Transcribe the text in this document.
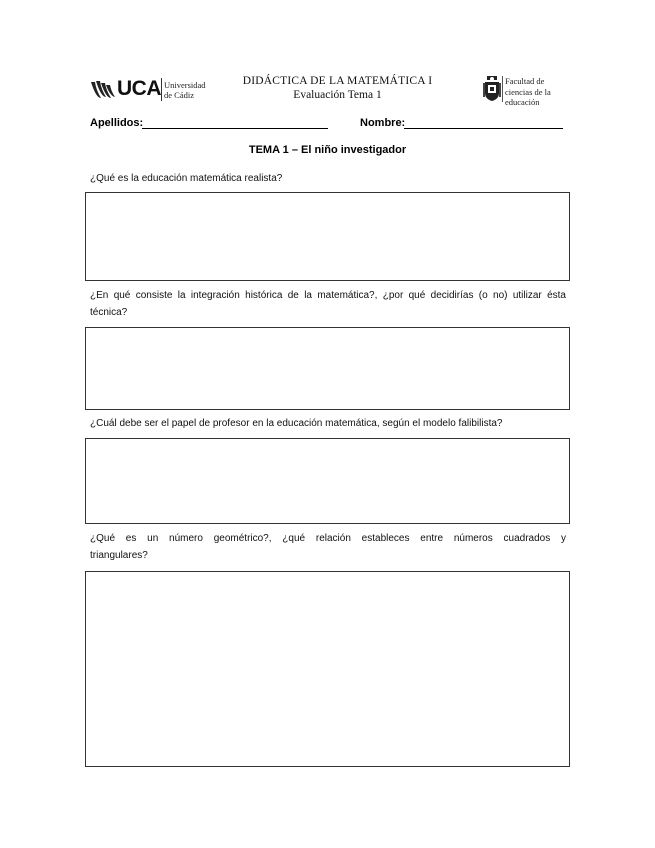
UCA Universidad
de Cádiz
DIDÁCTICA DE LA MATEMÁTICA I
Evaluación Tema 1
Facultad de
ciencias de la
educación
Apellidos:	Nombre:
TEMA 1 – El niño investigador
¿Qué es la educación matemática realista?
¿En qué consiste la integración histórica de la matemática?, ¿por qué decidirías (o no) utilizar ésta
técnica?
¿Cuál debe ser el papel de profesor en la educación matemática, según el modelo falibilista?
¿Qué es un número geométrico?, ¿qué relación estableces entre números cuadrados y
triangulares?
